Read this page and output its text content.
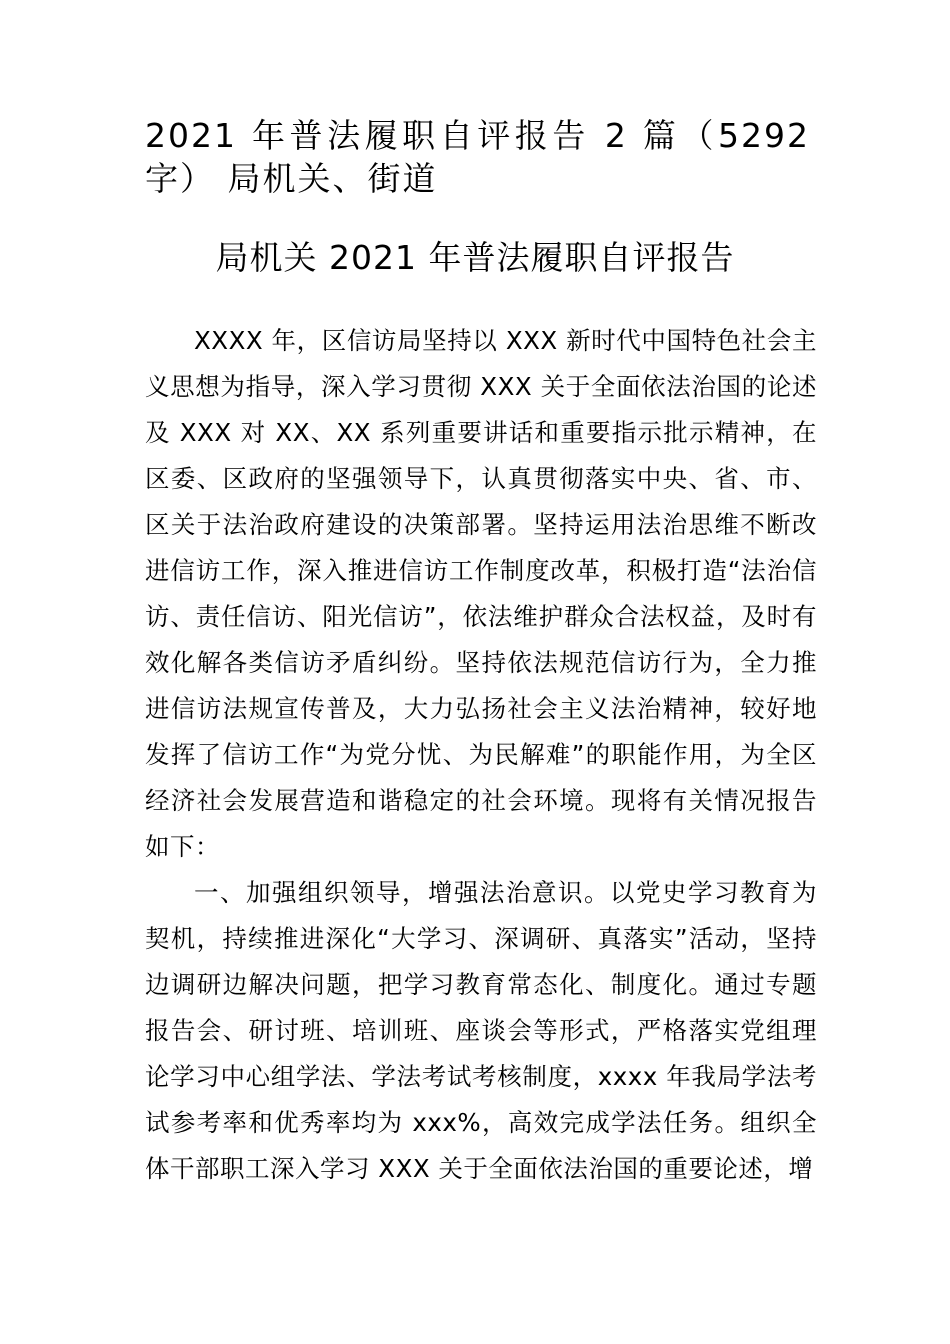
2021 年普法履职自评报告 2 篇（5292 字） 局机关、街道
局机关 2021 年普法履职自评报告

XXXX 年，区信访局坚持以 XXX 新时代中国特色社会主义思想为指导，深入学习贯彻 XXX 关于全面依法治国的论述及 XXX 对 XX、XX 系列重要讲话和重要指示批示精神，在区委、区政府的坚强领导下，认真贯彻落实中央、省、市、区关于法治政府建设的决策部署。坚持运用法治思维不断改进信访工作，深入推进信访工作制度改革，积极打造“法治信访、责任信访、阳光信访”，依法维护群众合法权益，及时有效化解各类信访矛盾纠纷。坚持依法规范信访行为，全力推进信访法规宣传普及，大力弘扬社会主义法治精神，较好地发挥了信访工作“为党分忧、为民解难”的职能作用，为全区经济社会发展营造和谐稳定的社会环境。现将有关情况报告如下：

一、加强组织领导，增强法治意识。以党史学习教育为契机，持续推进深化“大学习、深调研、真落实”活动，坚持边调研边解决问题，把学习教育常态化、制度化。通过专题报告会、研讨班、培训班、座谈会等形式，严格落实党组理论学习中心组学法、学法考试考核制度，xxxx 年我局学法考试参考率和优秀率均为 xxx%，高效完成学法任务。组织全体干部职工深入学习 XXX 关于全面依法治国的重要论述，增
